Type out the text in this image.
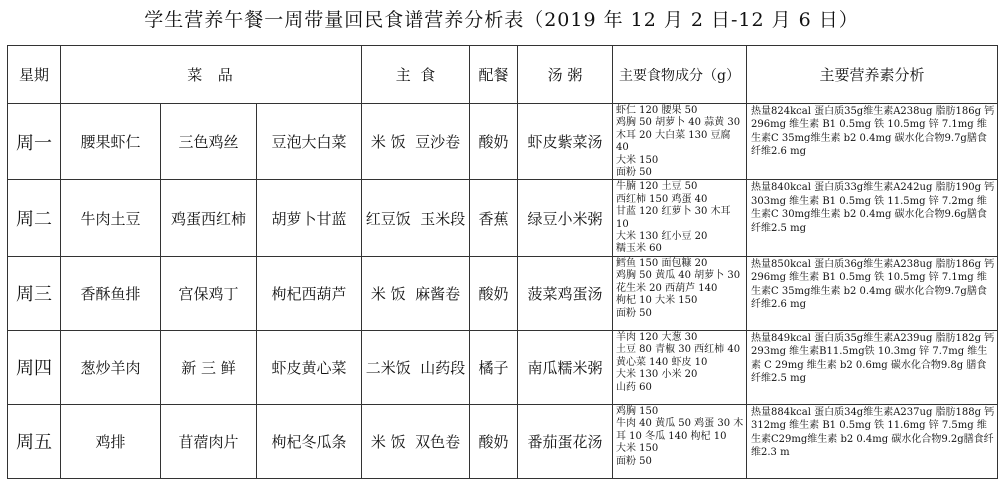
学生营养午餐一周带量回民食谱营养分析表（2019 年 12 月 2 日-12 月 6 日）
星期	菜  品			主  食	配餐	汤 粥	主要食物成分（g）	主要营养素分析
周一	腰果虾仁	三色鸡丝	豆泡大白菜	米 饭  豆沙卷	酸奶	虾皮紫菜汤	虾仁 120 腰果 50
鸡胸 50 胡萝卜 40 蒜黄 30
木耳 20 大白菜 130 豆腐 40
大米 150
面粉 50	热量824kcal 蛋白质35g维生素A238ug 脂肪186g 钙 296mg 维生素 B1 0.5mg 铁 10.5mg 锌 7.1mg 维生素C 35mg维生素 b2 0.4mg 碳水化合物9.7g膳食纤维2.6 mg
周二	牛肉土豆	鸡蛋西红柿	胡萝卜甘蓝	红豆饭  玉米段	香蕉	绿豆小米粥	牛腩 120 土豆 50
西红柿 150 鸡蛋 40
甘蓝 120 红萝卜 30 木耳 10
大米 130 红小豆 20
糯玉米 60	热量840kcal 蛋白质33g维生素A242ug 脂肪190g 钙 303mg 维生素 B1 0.5mg 铁 11.5mg 锌 7.2mg 维生素C 30mg维生素 b2 0.4mg 碳水化合物9.6g膳食纤维2.5 mg
周三	香酥鱼排	宫保鸡丁	枸杞西葫芦	米 饭  麻酱卷	酸奶	菠菜鸡蛋汤	鳕鱼 150 面包糠 20
鸡胸 50 黄瓜 40 胡萝卜 30
花生米 20 西葫芦 140
枸杞 10 大米 150
面粉 50	热量850kcal 蛋白质36g维生素A238ug 脂肪186g 钙 296mg 维生素 B1 0.5mg 铁 10.5mg 锌 7.1mg 维生素C 35mg维生素 b2 0.4mg 碳水化合物9.7g膳食纤维2.6 mg
周四	葱炒羊肉	新 三 鲜	虾皮黄心菜	二米饭  山药段	橘子	南瓜糯米粥	羊肉 120 大葱 30
土豆 80 青椒 30 西红柿 40
黄心菜 140 虾皮 10
大米 130 小米 20
山药 60	热量849kcal 蛋白质35g维生素A239ug 脂肪182g 钙 293mg 维生素B11.5mg铁 10.3mg 锌 7.7mg 维生素 C 29mg 维生素 b2 0.6mg 碳水化合物9.8g 膳食纤维2.5 mg
周五	鸡排	苜蓿肉片	枸杞冬瓜条	米 饭  双色卷	酸奶	番茄蛋花汤	鸡胸 150
牛肉 40 黄瓜 50 鸡蛋 30 木耳 10 冬瓜 140 枸杞 10
大米 150
面粉 50	热量884kcal 蛋白质34g维生素A237ug 脂肪188g 钙 312mg 维生素 B1 0.5mg 铁 11.6mg 锌 7.5mg 维生素C29mg维生素 b2 0.4mg 碳水化合物9.2g膳食纤维2.3 m
